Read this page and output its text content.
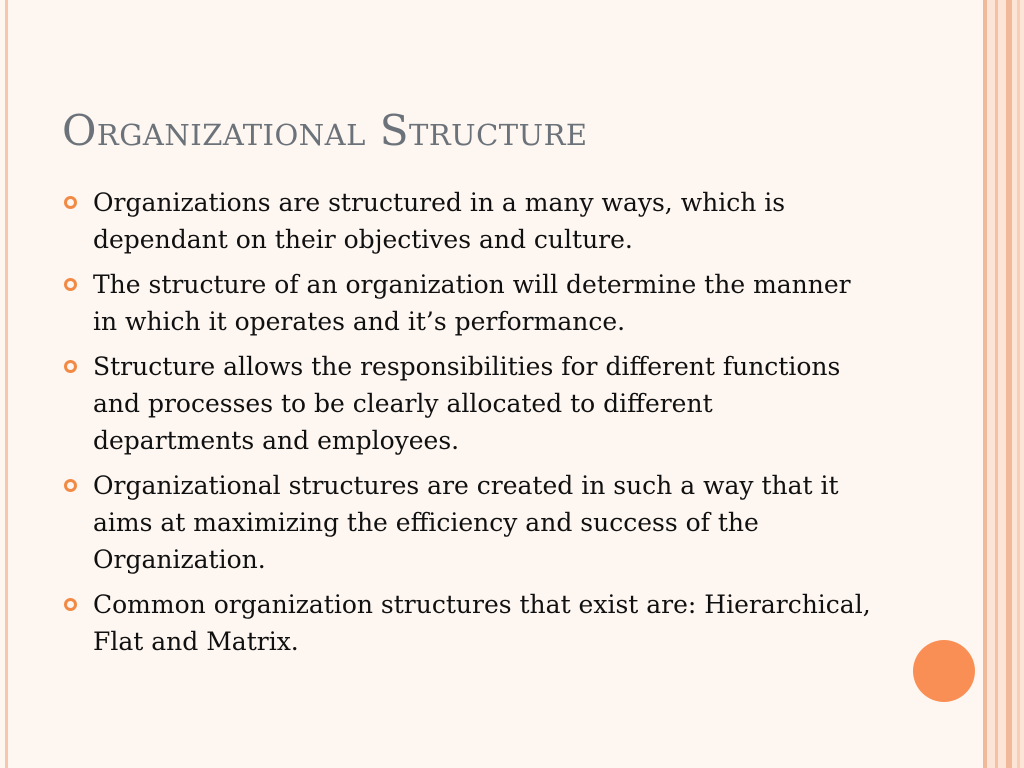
Organizational Structure
Organizations are structured in a many ways, which is dependant on their objectives and culture.
The structure of an organization will determine the manner in which it operates and it’s performance.
Structure allows the responsibilities for different functions and processes to be clearly allocated to different departments and employees.
Organizational structures are created in such a way that it aims at maximizing the efficiency and success of the Organization.
Common organization structures that exist are: Hierarchical, Flat and Matrix.
